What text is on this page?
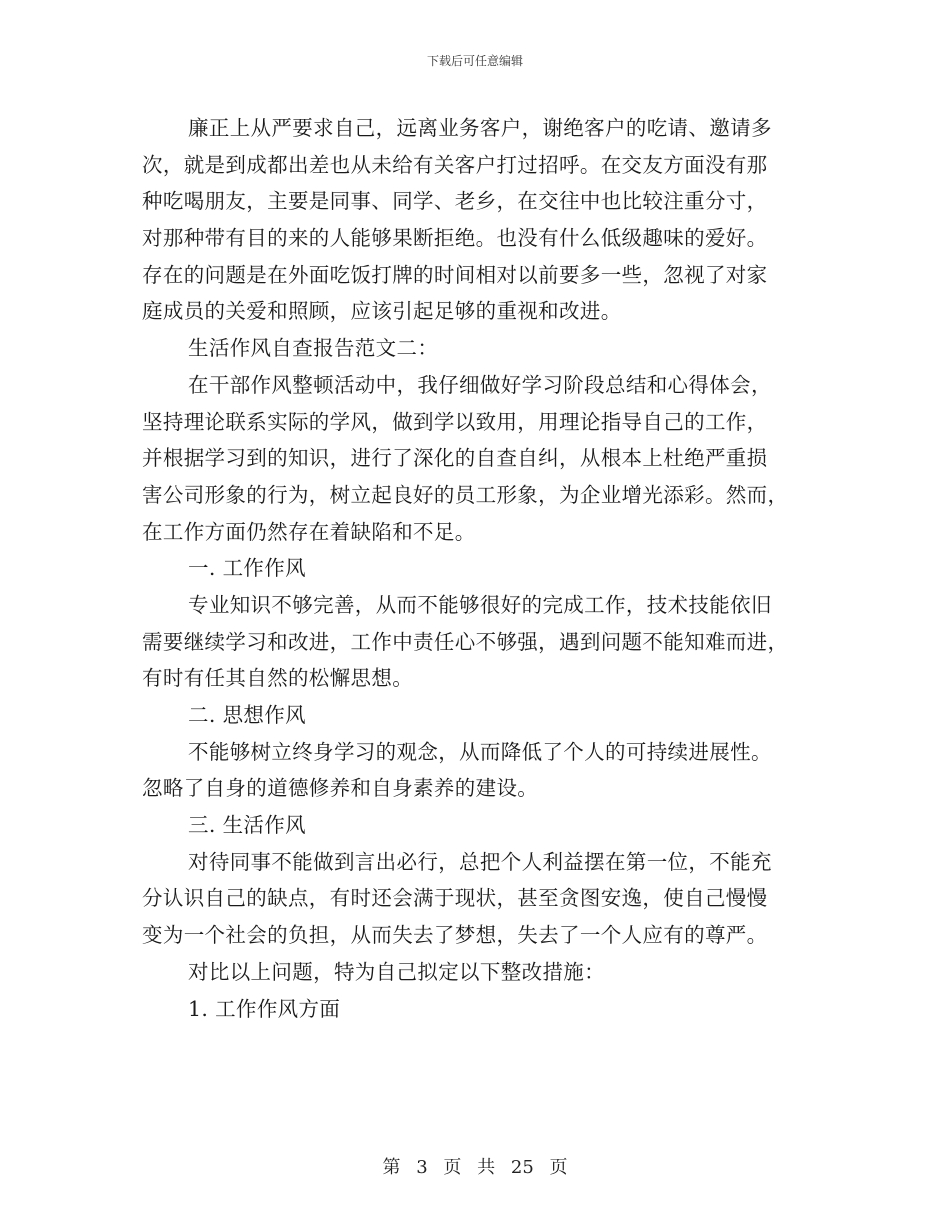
下载后可任意编辑
廉正上从严要求自己，远离业务客户，谢绝客户的吃请、邀请多
次，就是到成都出差也从未给有关客户打过招呼。在交友方面没有那
种吃喝朋友，主要是同事、同学、老乡，在交往中也比较注重分寸，
对那种带有目的来的人能够果断拒绝。也没有什么低级趣味的爱好。
存在的问题是在外面吃饭打牌的时间相对以前要多一些，忽视了对家
庭成员的关爱和照顾，应该引起足够的重视和改进。
生活作风自查报告范文二：
在干部作风整顿活动中，我仔细做好学习阶段总结和心得体会，
坚持理论联系实际的学风，做到学以致用，用理论指导自己的工作，
并根据学习到的知识，进行了深化的自查自纠，从根本上杜绝严重损
害公司形象的行为，树立起良好的员工形象，为企业增光添彩。然而，
在工作方面仍然存在着缺陷和不足。
一. 工作作风
专业知识不够完善，从而不能够很好的完成工作，技术技能依旧
需要继续学习和改进，工作中责任心不够强，遇到问题不能知难而进，
有时有任其自然的松懈思想。
二. 思想作风
不能够树立终身学习的观念，从而降低了个人的可持续进展性。
忽略了自身的道德修养和自身素养的建设。
三. 生活作风
对待同事不能做到言出必行，总把个人利益摆在第一位，不能充
分认识自己的缺点，有时还会满于现状，甚至贪图安逸，使自己慢慢
变为一个社会的负担，从而失去了梦想，失去了一个人应有的尊严。
对比以上问题，特为自己拟定以下整改措施：
1. 工作作风方面
第 3 页 共 25 页
